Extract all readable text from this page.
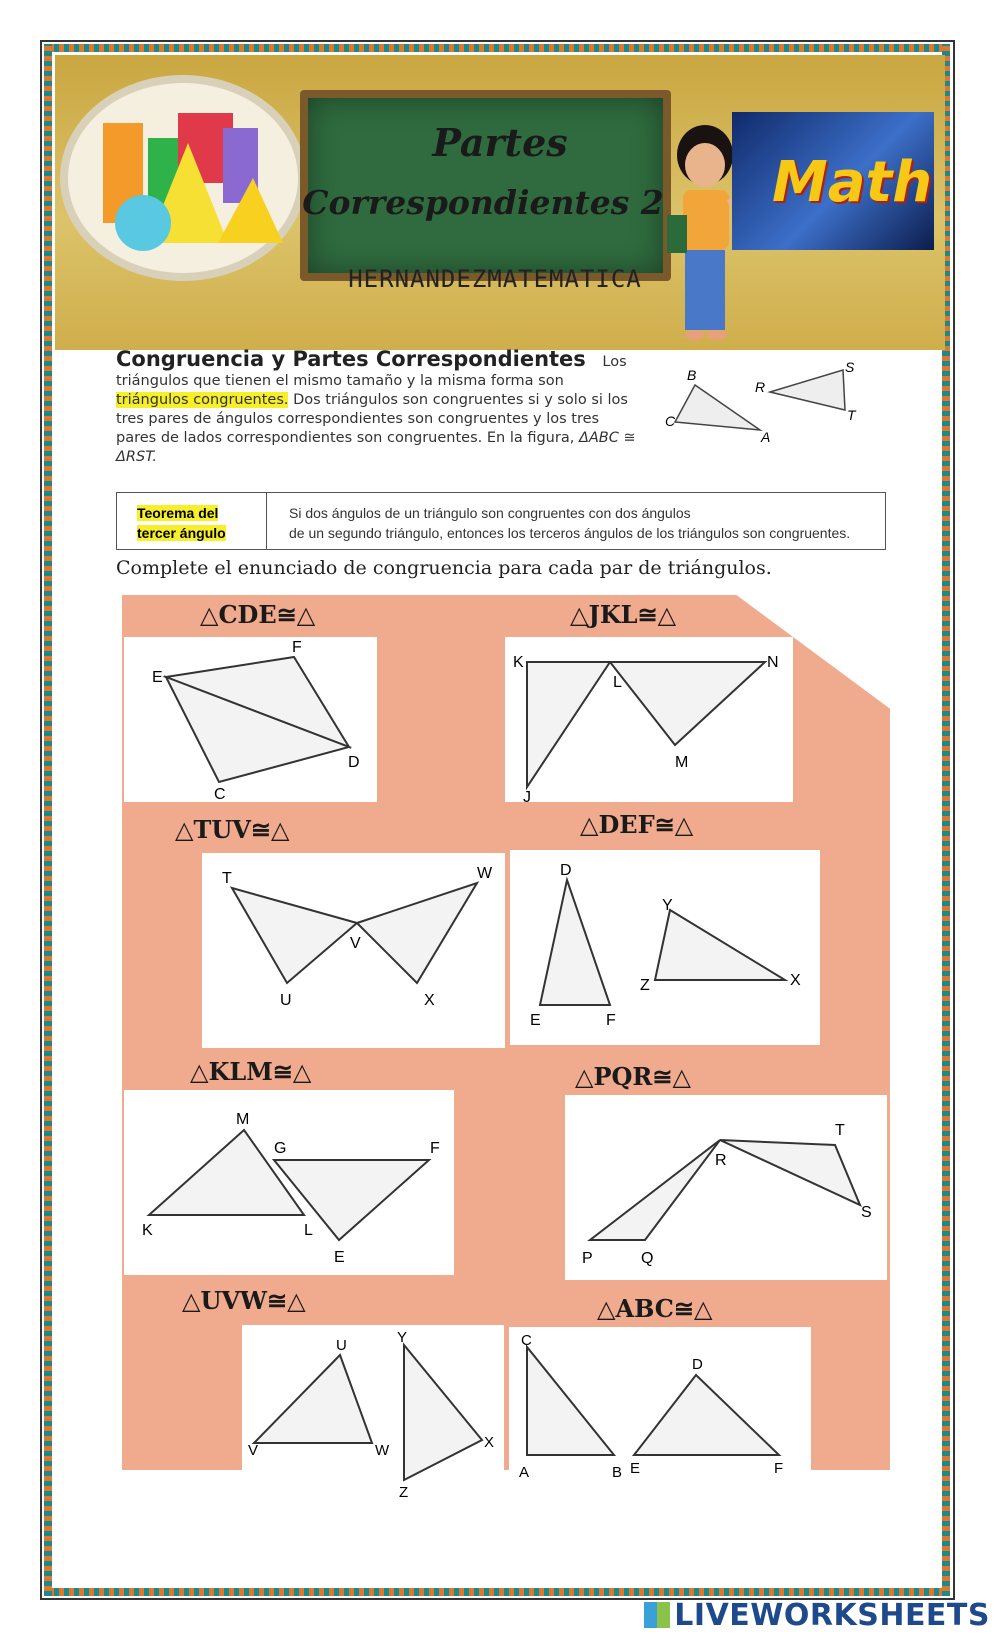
Partes
Correspondientes 2
HERNANDEZMATEMATICA
Math
Congruencia y Partes Correspondientes Los triángulos que tienen el mismo tamaño y la misma forma son triángulos congruentes. Dos triángulos son congruentes si y solo si los tres pares de ángulos correspondientes son congruentes y los tres pares de lados correspondientes son congruentes. En la figura, ΔABC ≅ ΔRST.
B	S
R
C
A
T
Teorema del
tercer ángulo
Si dos ángulos de un triángulo son congruentes con dos ángulos
de un segundo triángulo, entonces los terceros ángulos de los triángulos son congruentes.
Complete el enunciado de congruencia para cada par de triángulos.
△CDE≅△
E
F
C
D
△JKL≅△
K
L
N
M
J
△TUV≅△
T	W
V
U	X
△DEF≅△
D
Y
Z	X
E	F
△KLM≅△
M
G	F
K	L
E
△PQR≅△
T
R
S
P	Q
△UVW≅△
U	Y
X
V	W
Z
△ABC≅△
C
D
A	B E	F
LIVEWORKSHEETS
